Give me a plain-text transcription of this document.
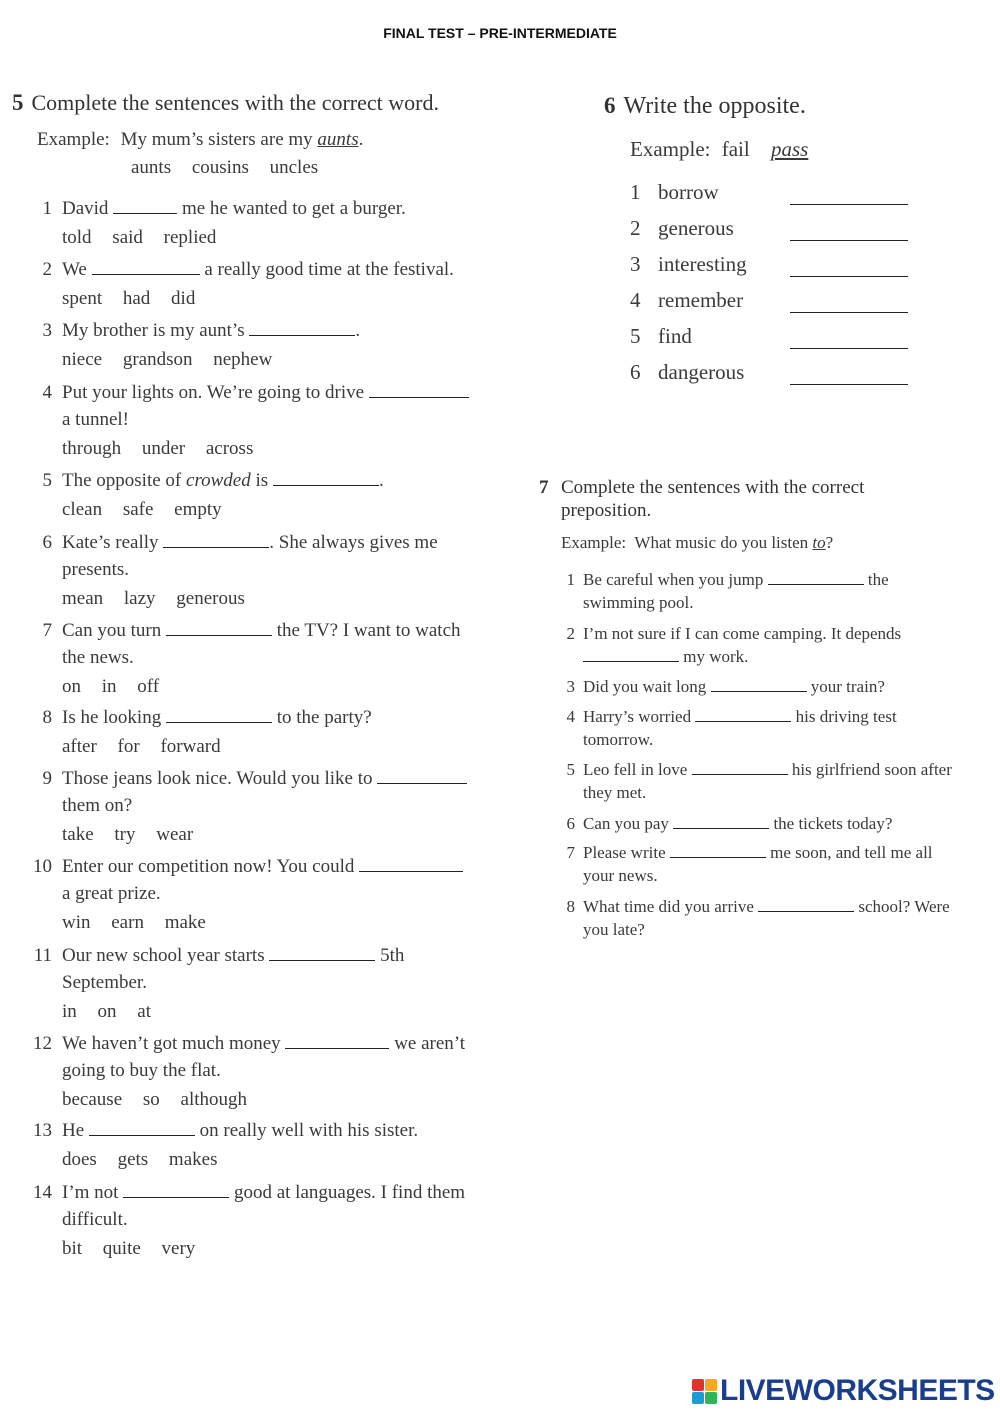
FINAL TEST – PRE-INTERMEDIATE
5 Complete the sentences with the correct word.
Example: My mum’s sisters are my aunts.
aunts cousins uncles
1 David	me he wanted to get a burger.
told said replied
2 We	a really good time at the festival.
spent had did
3 My brother is my aunt’s	.
niece grandson nephew
4 Put your lights on. We’re going to drive
a tunnel!
through under across
5 The opposite of crowded is	.
clean safe empty
6 Kate’s really	. She always gives me
presents.
mean lazy generous
7 Can you turn	the TV? I want to watch
the news.
on in off
8 Is he looking	to the party?
after for forward
9 Those jeans look nice. Would you like to
them on?
take try wear
10 Enter our competition now! You could
a great prize.
win earn make
11 Our new school year starts	5th
September.
in on at
12 We haven’t got much money	we aren’t
going to buy the flat.
because so although
13 He	on really well with his sister.
does gets makes
14 I’m not	good at languages. I find them
difficult.
bit quite very
6 Write the opposite.
Example: fail pass
1 borrow
2 generous
3 interesting
4 remember
5 find
6 dangerous
7 Complete the sentences with the correct
preposition.
Example: What music do you listen to?
1 Be careful when you jump	the
swimming pool.
2 I’m not sure if I can come camping. It depends
my work.
3 Did you wait long	your train?
4 Harry’s worried	his driving test
tomorrow.
5 Leo fell in love	his girlfriend soon after
they met.
6 Can you pay	the tickets today?
7 Please write	me soon, and tell me all
your news.
8 What time did you arrive	school? Were
you late?
LIVEWORKSHEETS
